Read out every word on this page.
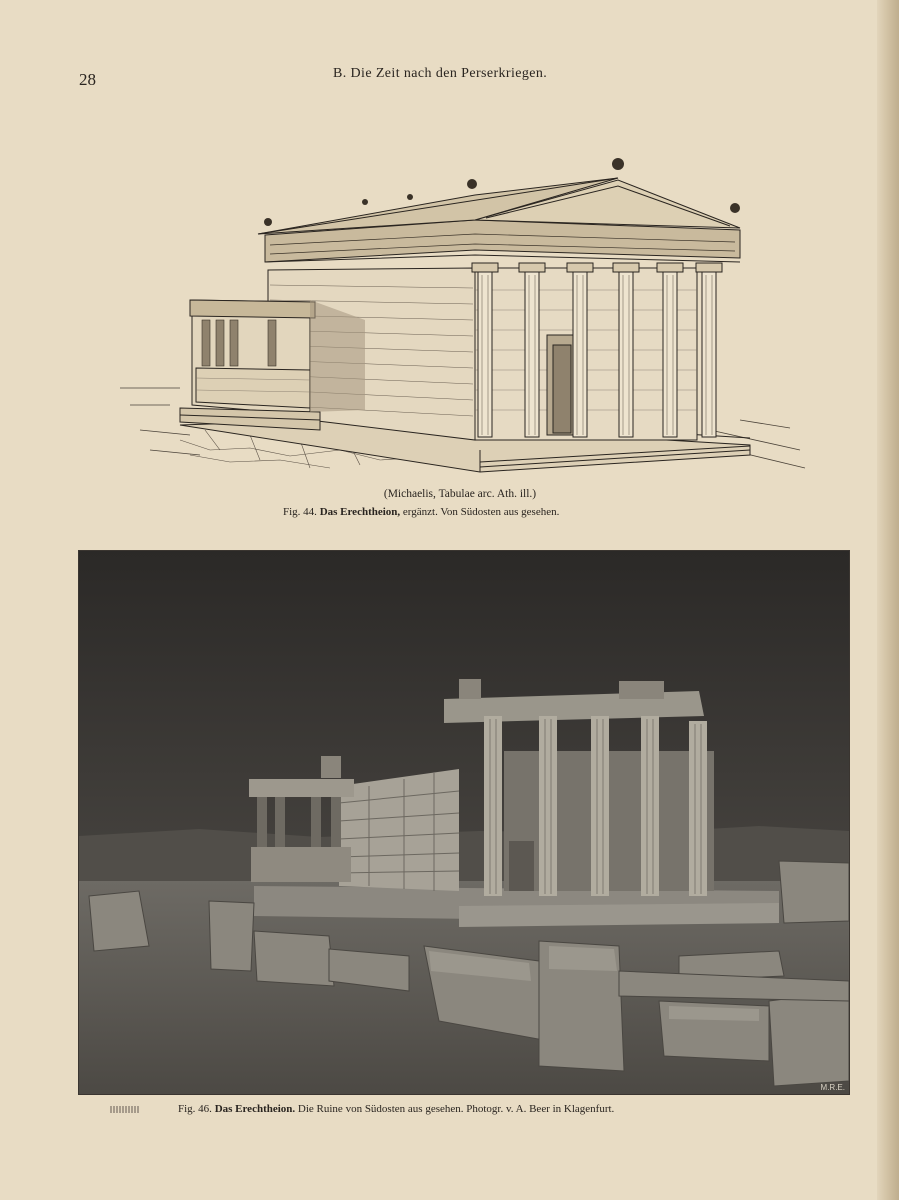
28	B. Die Zeit nach den Perserkriegen.
(Michaelis, Tabulae arc. Ath. ill.)
Fig. 44. Das Erechtheion, ergänzt. Von Südosten aus gesehen.
M.R.E.
Fig. 46. Das Erechtheion. Die Ruine von Südosten aus gesehen. Photogr. v. A. Beer in Klagenfurt.
